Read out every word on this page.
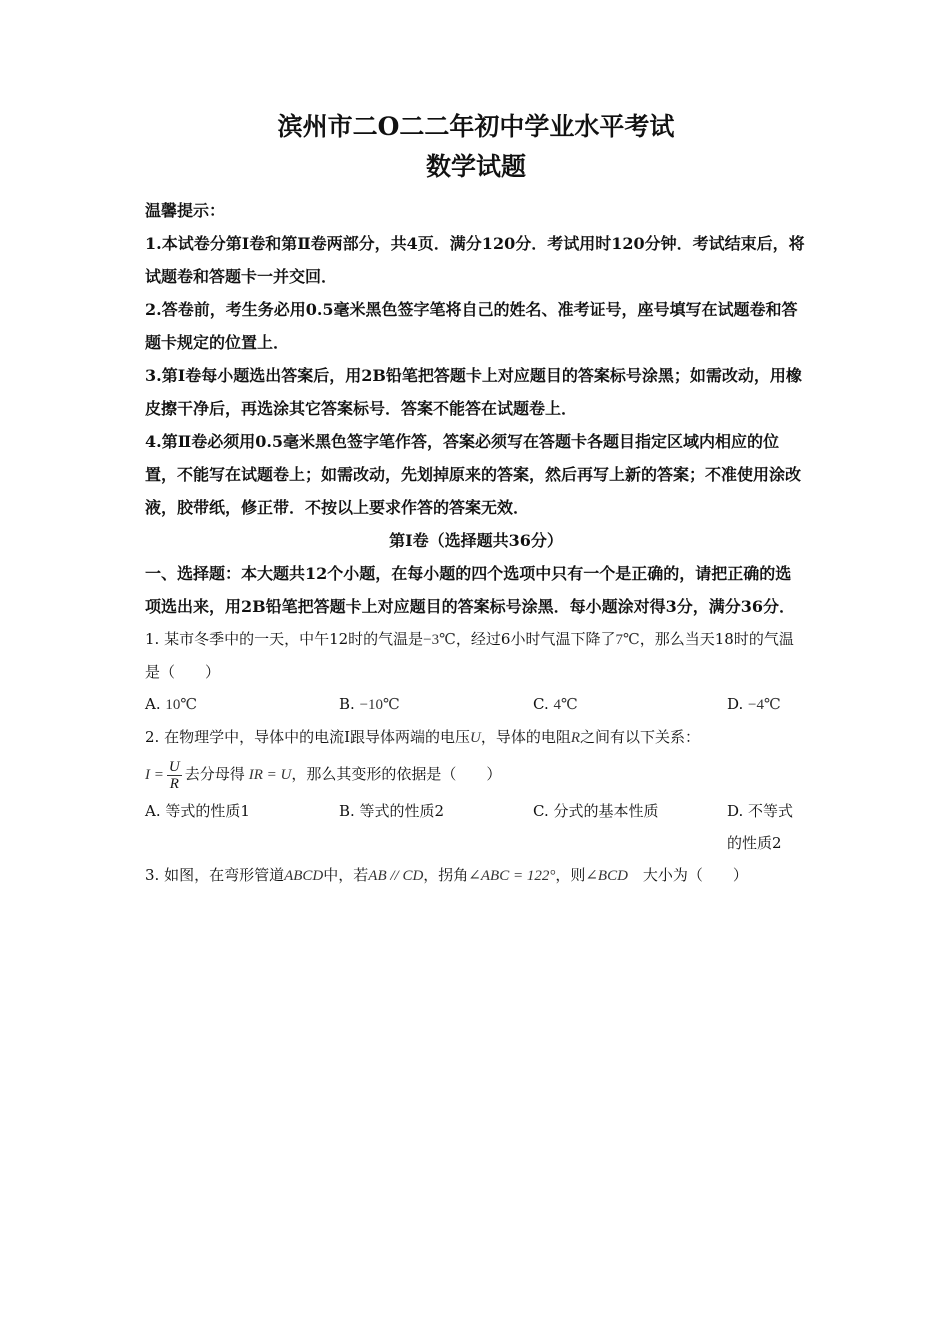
滨州市二O二二年初中学业水平考试
数学试题
温馨提示：
1.本试卷分第Ⅰ卷和第Ⅱ卷两部分，共4页．满分120分．考试用时120分钟．考试结束后，将试题卷和答题卡一并交回．
2.答卷前，考生务必用0.5毫米黑色签字笔将自己的姓名、准考证号，座号填写在试题卷和答题卡规定的位置上．
3.第Ⅰ卷每小题选出答案后，用2B铅笔把答题卡上对应题目的答案标号涂黑；如需改动，用橡皮擦干净后，再选涂其它答案标号．答案不能答在试题卷上．
4.第Ⅱ卷必须用0.5毫米黑色签字笔作答，答案必须写在答题卡各题目指定区域内相应的位置，不能写在试题卷上；如需改动，先划掉原来的答案，然后再写上新的答案；不准使用涂改液，胶带纸，修正带．不按以上要求作答的答案无效．
第Ⅰ卷（选择题共36分）
一、选择题：本大题共12个小题，在每小题的四个选项中只有一个是正确的，请把正确的选项选出来，用2B铅笔把答题卡上对应题目的答案标号涂黑．每小题涂对得3分，满分36分．
1. 某市冬季中的一天，中午12时的气温是−3℃，经过6小时气温下降了7℃，那么当天18时的气温是（　　）
A. 10℃	B. −10℃	C. 4℃	D. −4℃
2. 在物理学中，导体中的电流Ⅰ跟导体两端的电压U，导体的电阻R之间有以下关系：
$I = \frac{U}{R}$ 去分母得 IR = U，那么其变形的依据是（　　）
A. 等式的性质1	B. 等式的性质2	C. 分式的基本性质	D. 不等式的性质2
3. 如图，在弯形管道ABCD中，若AB // CD，拐角∠ABC = 122°，则∠BCD　大小为（　　）
